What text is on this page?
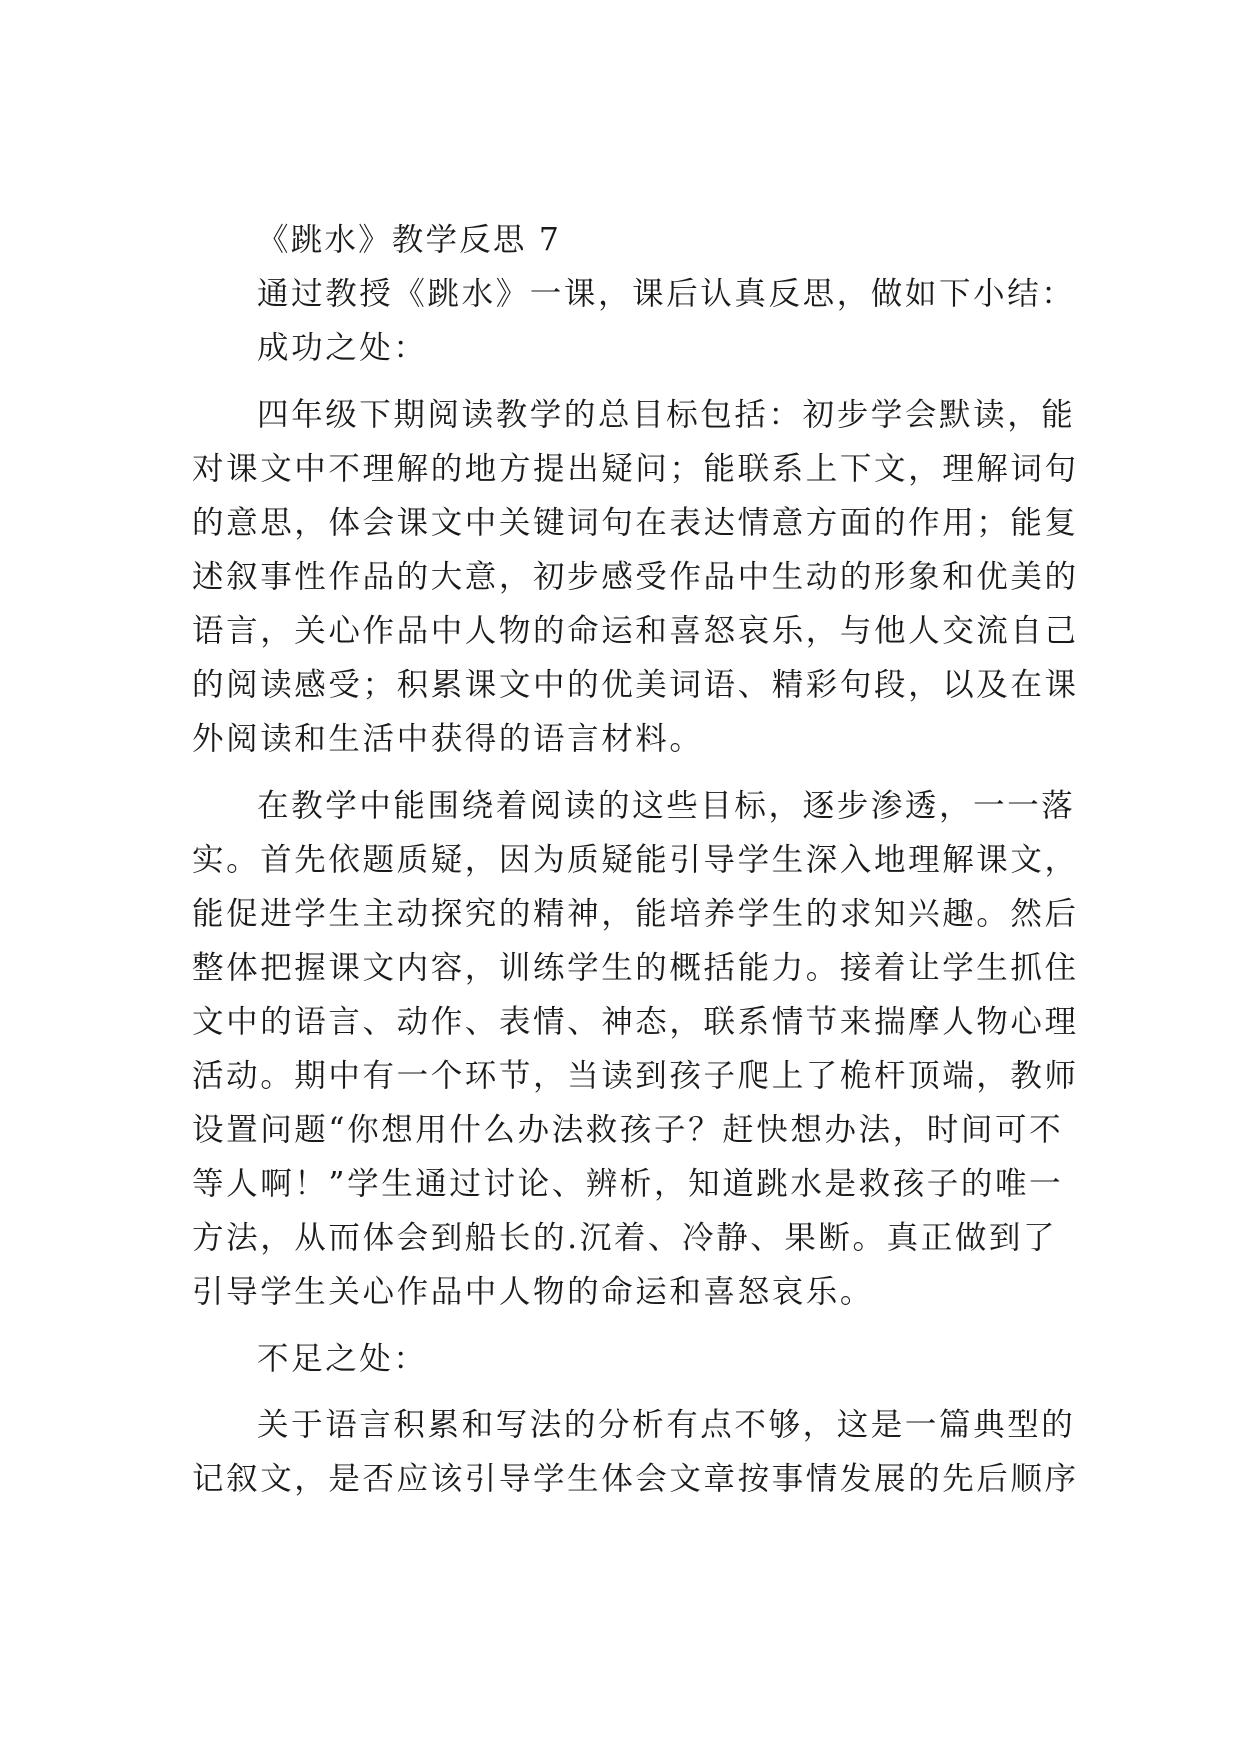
《跳水》教学反思 7
通过教授《跳水》一课，课后认真反思，做如下小结：
成功之处：
四年级下期阅读教学的总目标包括：初步学会默读，能
对课文中不理解的地方提出疑问；能联系上下文，理解词句
的意思，体会课文中关键词句在表达情意方面的作用；能复
述叙事性作品的大意，初步感受作品中生动的形象和优美的
语言，关心作品中人物的命运和喜怒哀乐，与他人交流自己
的阅读感受；积累课文中的优美词语、精彩句段，以及在课
外阅读和生活中获得的语言材料。
在教学中能围绕着阅读的这些目标，逐步渗透，一一落
实。首先依题质疑，因为质疑能引导学生深入地理解课文，
能促进学生主动探究的精神，能培养学生的求知兴趣。然后
整体把握课文内容，训练学生的概括能力。接着让学生抓住
文中的语言、动作、表情、神态，联系情节来揣摩人物心理
活动。期中有一个环节，当读到孩子爬上了桅杆顶端，教师
设置问题“你想用什么办法救孩子？赶快想办法，时间可不
等人啊！”学生通过讨论、辨析，知道跳水是救孩子的唯一
方法，从而体会到船长的.沉着、冷静、果断。真正做到了
引导学生关心作品中人物的命运和喜怒哀乐。
不足之处：
关于语言积累和写法的分析有点不够，这是一篇典型的
记叙文，是否应该引导学生体会文章按事情发展的先后顺序
